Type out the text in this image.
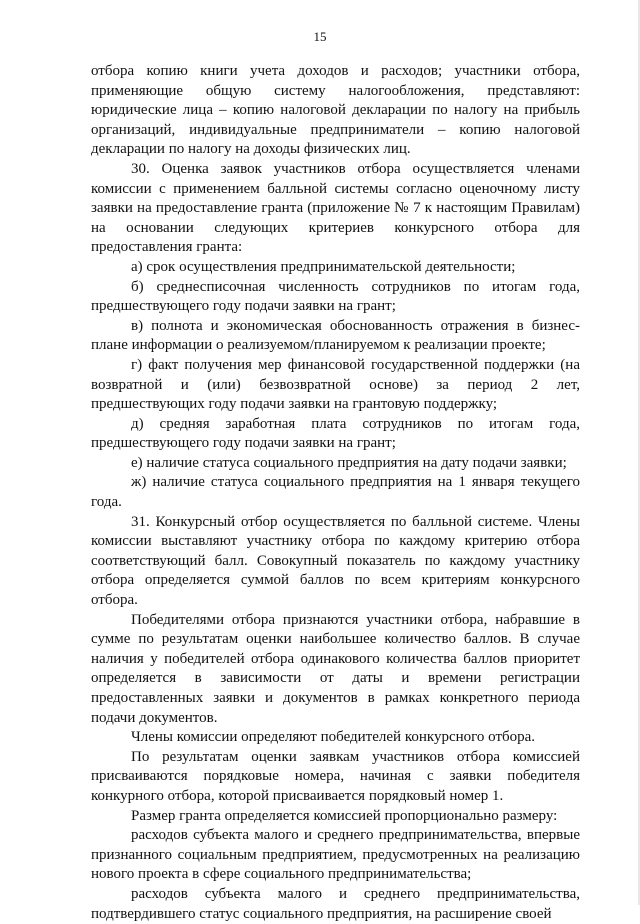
15

отбора копию книги учета доходов и расходов; участники отбора, применяющие общую систему налогообложения, представляют: юридические лица – копию налоговой декларации по налогу на прибыль организаций, индивидуальные предприниматели – копию налоговой декларации по налогу на доходы физических лиц.

30. Оценка заявок участников отбора осуществляется членами комиссии с применением балльной системы согласно оценочному листу заявки на предоставление гранта (приложение № 7 к настоящим Правилам) на основании следующих критериев конкурсного отбора для предоставления гранта:

а) срок осуществления предпринимательской деятельности;

б) среднесписочная численность сотрудников по итогам года, предшествующего году подачи заявки на грант;

в) полнота и экономическая обоснованность отражения в бизнес-плане информации о реализуемом/планируемом к реализации проекте;

г) факт получения мер финансовой государственной поддержки (на возвратной и (или) безвозвратной основе) за период 2 лет, предшествующих году подачи заявки на грантовую поддержку;

д) средняя заработная плата сотрудников по итогам года, предшествующего году подачи заявки на грант;

е) наличие статуса социального предприятия на дату подачи заявки;

ж) наличие статуса социального предприятия на 1 января текущего года.

31. Конкурсный отбор осуществляется по балльной системе. Члены комиссии выставляют участнику отбора по каждому критерию отбора соответствующий балл. Совокупный показатель по каждому участнику отбора определяется суммой баллов по всем критериям конкурсного отбора.

Победителями отбора признаются участники отбора, набравшие в сумме по результатам оценки наибольшее количество баллов. В случае наличия у победителей отбора одинакового количества баллов приоритет определяется в зависимости от даты и времени регистрации предоставленных заявки и документов в рамках конкретного периода подачи документов.

Члены комиссии определяют победителей конкурсного отбора.

По результатам оценки заявкам участников отбора комиссией присваиваются порядковые номера, начиная с заявки победителя конкурного отбора, которой присваивается порядковый номер 1.

Размер гранта определяется комиссией пропорционально размеру:

расходов субъекта малого и среднего предпринимательства, впервые признанного социальным предприятием, предусмотренных на реализацию нового проекта в сфере социального предпринимательства;

расходов субъекта малого и среднего предпринимательства, подтвердившего статус социального предприятия, на расширение своей
